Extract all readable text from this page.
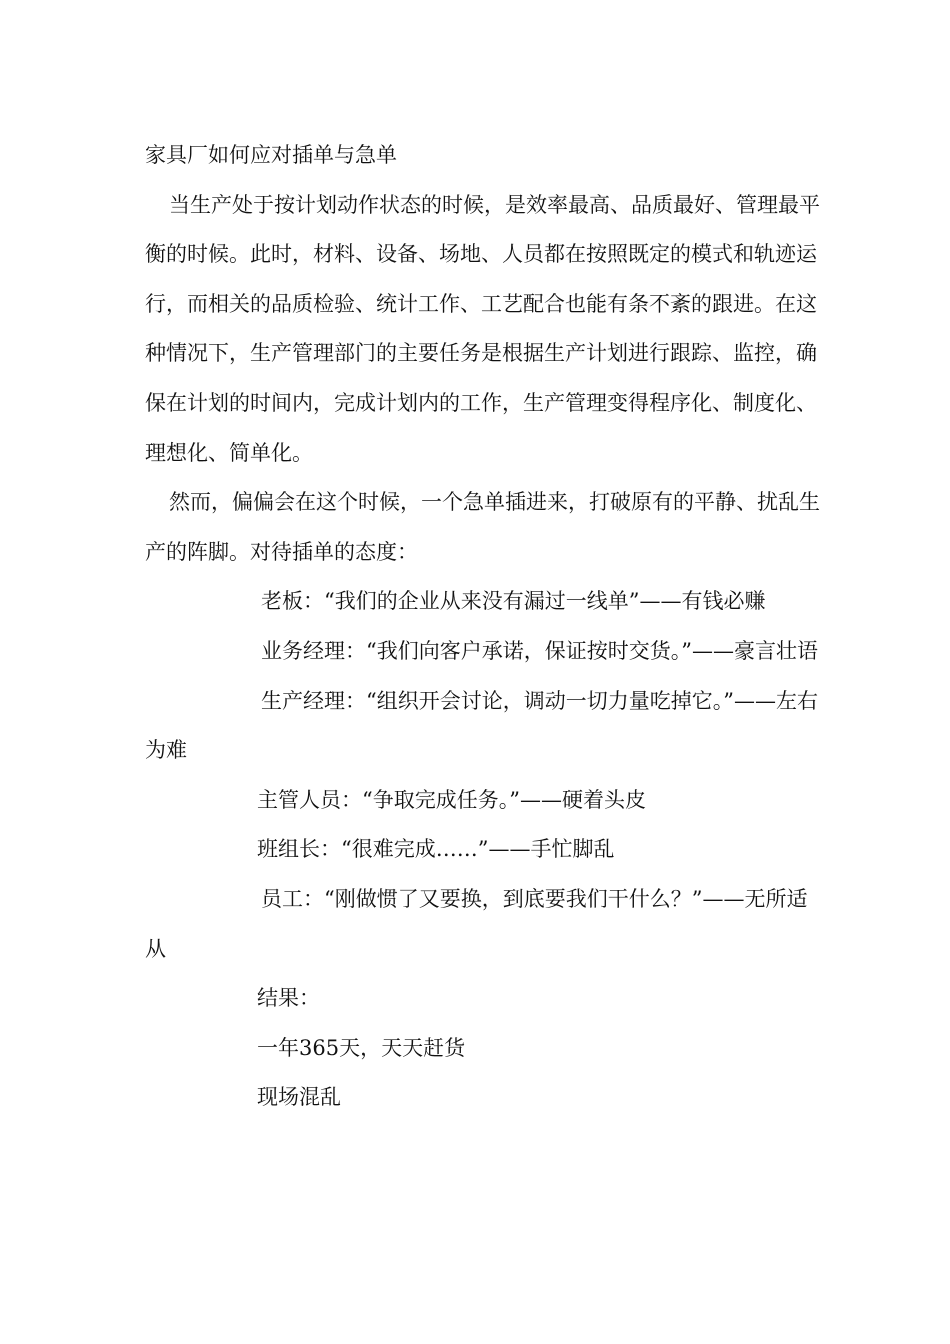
家具厂如何应对插单与急单

当生产处于按计划动作状态的时候，是效率最高、品质最好、管理最平衡的时候。此时，材料、设备、场地、人员都在按照既定的模式和轨迹运行，而相关的品质检验、统计工作、工艺配合也能有条不紊的跟进。在这种情况下，生产管理部门的主要任务是根据生产计划进行跟踪、监控，确保在计划的时间内，完成计划内的工作，生产管理变得程序化、制度化、理想化、简单化。

然而，偏偏会在这个时候，一个急单插进来，打破原有的平静、扰乱生产的阵脚。对待插单的态度：

老板：“我们的企业从来没有漏过一线单”——有钱必赚

业务经理：“我们向客户承诺，保证按时交货。”——豪言壮语

生产经理：“组织开会讨论，调动一切力量吃掉它。”——左右为难

主管人员：“争取完成任务。”——硬着头皮

班组长：“很难完成……”——手忙脚乱

员工：“刚做惯了又要换，到底要我们干什么？”——无所适从

结果：

一年365天，天天赶货

现场混乱
